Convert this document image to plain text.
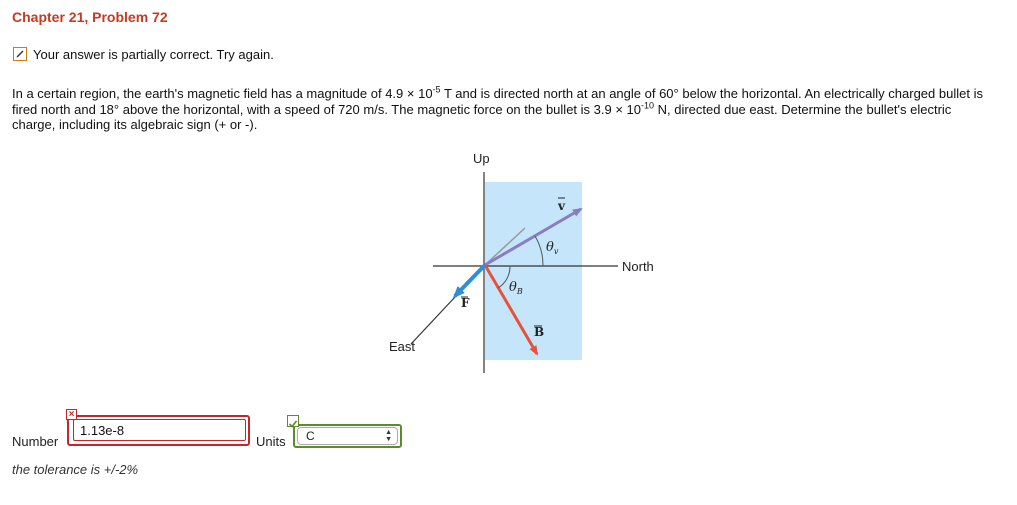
Chapter 21, Problem 72
Your answer is partially correct. Try again.
In a certain region, the earth's magnetic field has a magnitude of $4.9 \times 10^{-5}$ T and is directed north at an angle of 60° below the horizontal. An electrically charged bullet is fired north and 18° above the horizontal, with a speed of 720 m/s. The magnetic force on the bullet is $3.9 \times 10^{-10}$ N, directed due east. Determine the bullet's electric charge, including its algebraic sign (+ or -).
Up
North
East
v
$\theta_v$
$\theta_B$
F
B
Number
1.13e-8
×
Units	C	▲
▼
the tolerance is +/-2%
